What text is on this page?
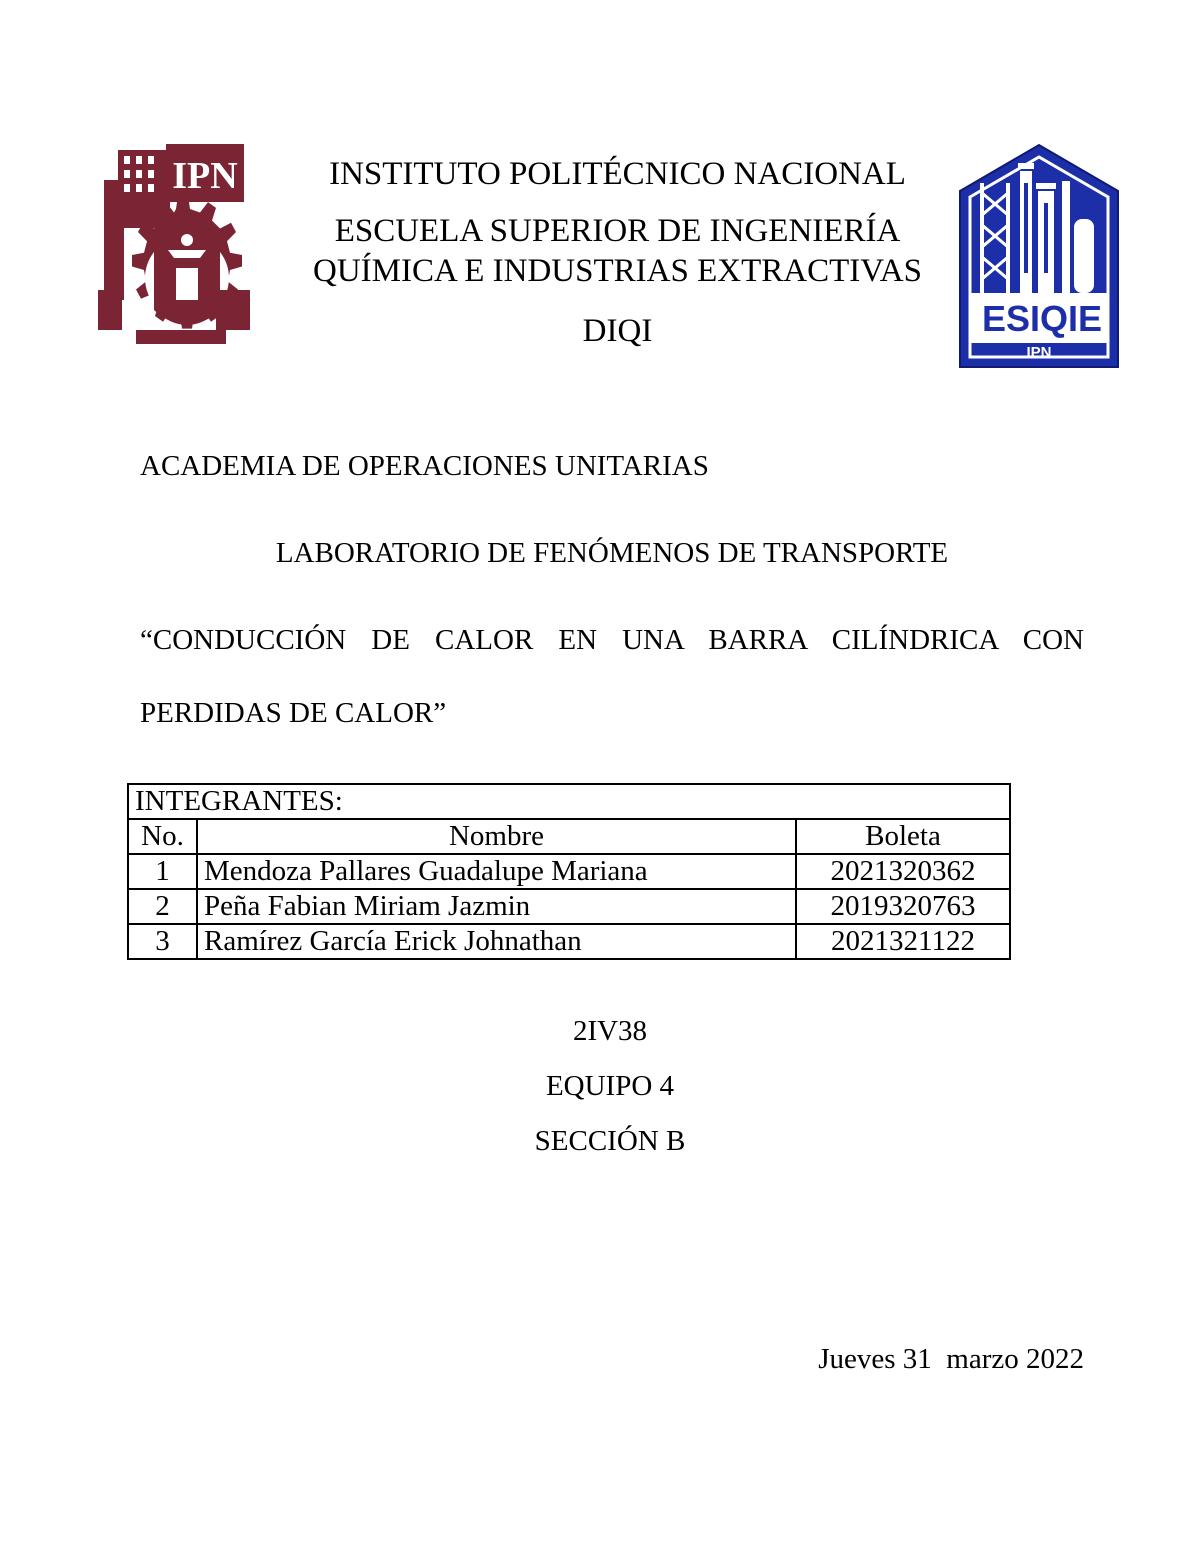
IPN	INSTITUTO POLITÉCNICO NACIONAL
ESCUELA SUPERIOR DE INGENIERÍA
QUÍMICA E INDUSTRIAS EXTRACTIVAS
DIQI	ESIQIE
IPN
ACADEMIA DE OPERACIONES UNITARIAS
LABORATORIO DE FENÓMENOS DE TRANSPORTE
“CONDUCCIÓN DE CALOR EN UNA BARRA CILÍNDRICA CON
PERDIDAS DE CALOR”
INTEGRANTES:		
No.	Nombre	Boleta
1	Mendoza Pallares Guadalupe Mariana	2021320362
2	Peña Fabian Miriam Jazmin	2019320763
3	Ramírez García Erick Johnathan	2021321122
2IV38
EQUIPO 4
SECCIÓN B
Jueves 31  marzo 2022
